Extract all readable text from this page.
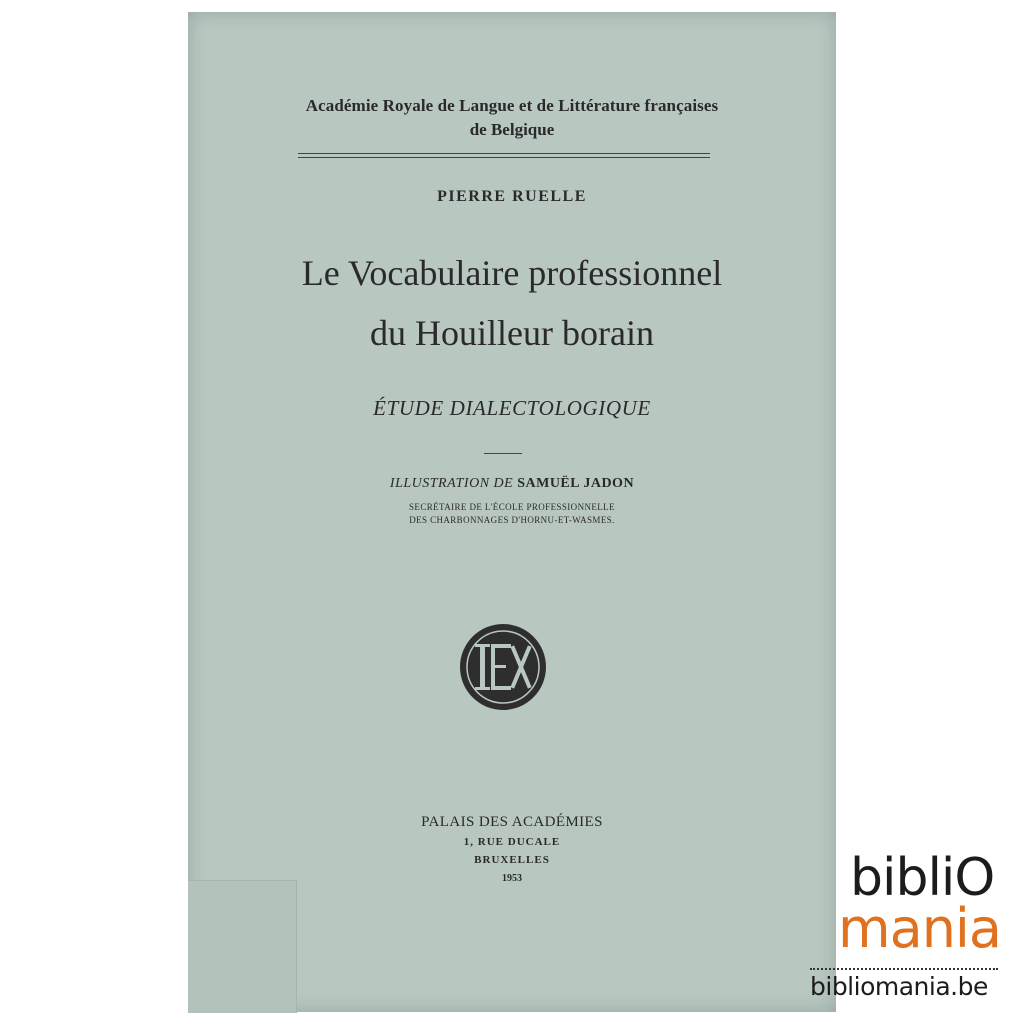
Académie Royale de Langue et de Littérature françaises

de Belgique

PIERRE RUELLE

Le Vocabulaire professionnel

du Houilleur borain

ÉTUDE DIALECTOLOGIQUE

ILLUSTRATION DE SAMUËL JADON

SECRÉTAIRE DE L'ÉCOLE PROFESSIONNELLE

DES CHARBONNAGES D'HORNU-ET-WASMES.

PALAIS DES ACADÉMIES

1, RUE DUCALE

BRUXELLES

1953	bibliO
mania
bibliomania.be
